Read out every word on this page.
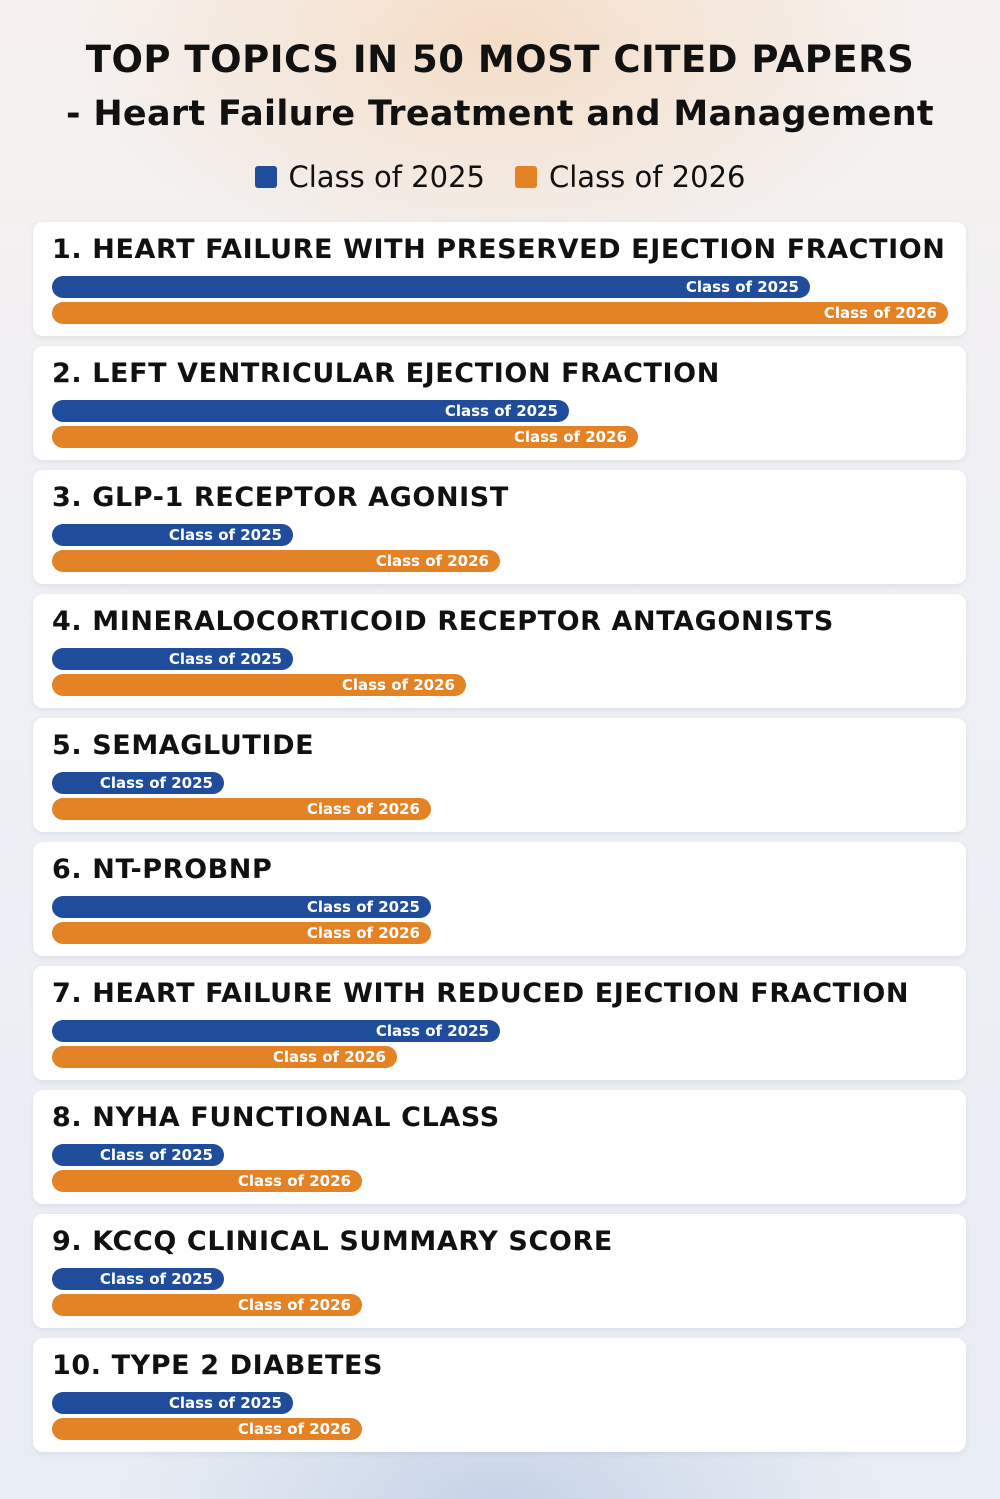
TOP TOPICS IN 50 MOST CITED PAPERS
- Heart Failure Treatment and Management
Class of 2025 Class of 2026
1. HEART FAILURE WITH PRESERVED EJECTION FRACTION
Class of 2025
Class of 2026
2. LEFT VENTRICULAR EJECTION FRACTION
Class of 2025
Class of 2026
3. GLP-1 RECEPTOR AGONIST
Class of 2025
Class of 2026
4. MINERALOCORTICOID RECEPTOR ANTAGONISTS
Class of 2025
Class of 2026
5. SEMAGLUTIDE
Class of 2025
Class of 2026
6. NT-PROBNP
Class of 2025
Class of 2026
7. HEART FAILURE WITH REDUCED EJECTION FRACTION
Class of 2025
Class of 2026
8. NYHA FUNCTIONAL CLASS
Class of 2025
Class of 2026
9. KCCQ CLINICAL SUMMARY SCORE
Class of 2025
Class of 2026
10. TYPE 2 DIABETES
Class of 2025
Class of 2026
